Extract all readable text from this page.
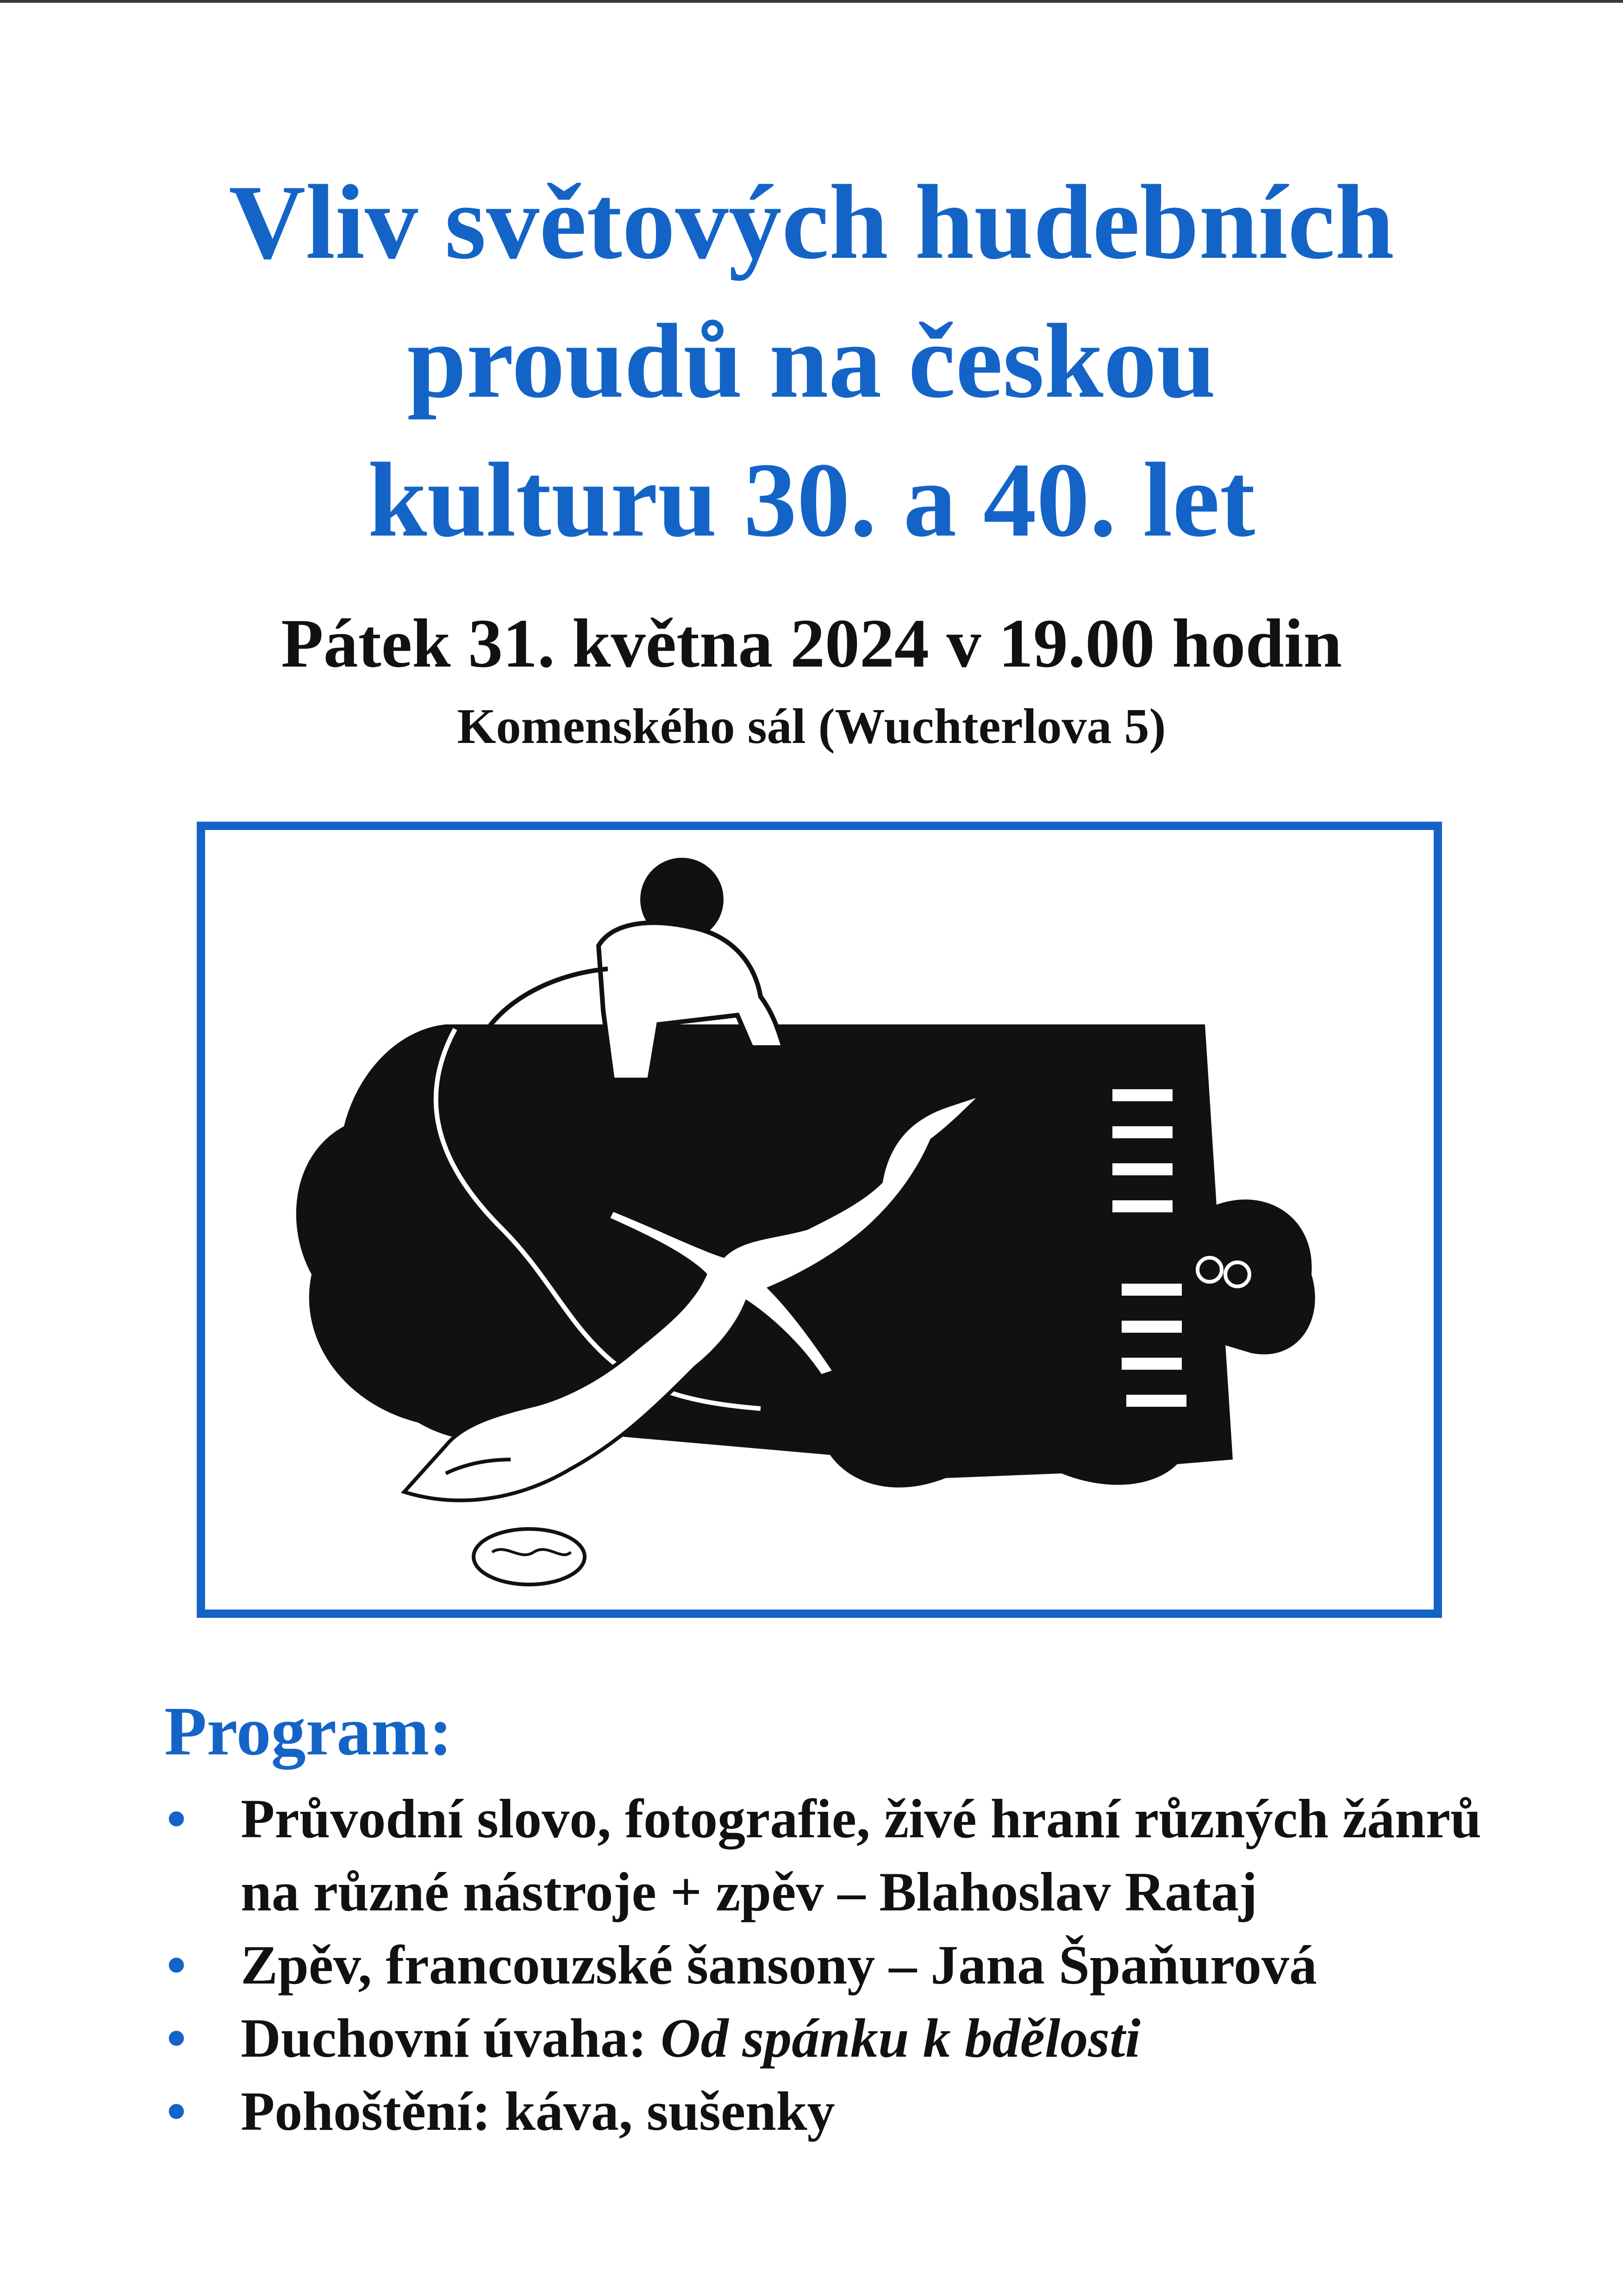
Vliv světových hudebních
proudů na českou
kulturu 30. a 40. let
Pátek 31. května 2024 v 19.00 hodin
Komenského sál (Wuchterlova 5)
Program:
• Průvodní slovo, fotografie, živé hraní různých žánrů na různé nástroje + zpěv – Blahoslav Rataj
• Zpěv, francouzské šansony – Jana Špaňurová
• Duchovní úvaha: Od spánku k bdělosti
• Pohoštění: káva, sušenky
